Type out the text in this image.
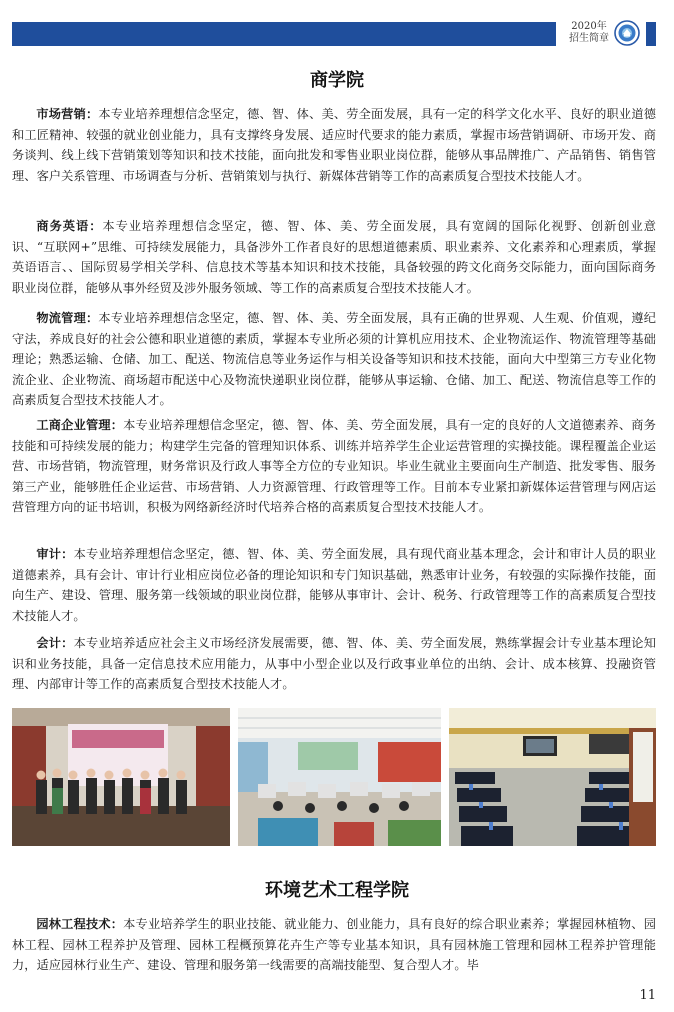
2020年
招生简章
商学院

市场营销：本专业培养理想信念坚定，德、智、体、美、劳全面发展，具有一定的科学文化水平、良好的职业道德和工匠精神、较强的就业创业能力，具有支撑终身发展、适应时代要求的能力素质，掌握市场营销调研、市场开发、商务谈判、线上线下营销策划等知识和技术技能，面向批发和零售业职业岗位群，能够从事品牌推广、产品销售、销售管理、客户关系管理、市场调查与分析、营销策划与执行、新媒体营销等工作的高素质复合型技术技能人才。

商务英语：本专业培养理想信念坚定，德、智、体、美、劳全面发展，具有宽阔的国际化视野、创新创业意识、“互联网+”思维、可持续发展能力，具备涉外工作者良好的思想道德素质、职业素养、文化素养和心理素质，掌握英语语言、、国际贸易学相关学科、信息技术等基本知识和技术技能，具备较强的跨文化商务交际能力，面向国际商务职业岗位群，能够从事外经贸及涉外服务领域、等工作的高素质复合型技术技能人才。

物流管理：本专业培养理想信念坚定，德、智、体、美、劳全面发展，具有正确的世界观、人生观、价值观，遵纪守法，养成良好的社会公德和职业道德的素质，掌握本专业所必须的计算机应用技术、企业物流运作、物流管理等基础理论；熟悉运输、仓储、加工、配送、物流信息等业务运作与相关设备等知识和技术技能，面向大中型第三方专业化物流企业、企业物流、商场超市配送中心及物流快递职业岗位群，能够从事运输、仓储、加工、配送、物流信息等工作的高素质复合型技术技能人才。

工商企业管理：本专业培养理想信念坚定，德、智、体、美、劳全面发展，具有一定的良好的人文道德素养、商务技能和可持续发展的能力；构建学生完备的管理知识体系、训练并培养学生企业运营管理的实操技能。课程覆盖企业运营、市场营销，物流管理，财务常识及行政人事等全方位的专业知识。毕业生就业主要面向生产制造、批发零售、服务第三产业，能够胜任企业运营、市场营销、人力资源管理、行政管理等工作。目前本专业紧扣新媒体运营管理与网店运营管理方向的证书培训，积极为网络新经济时代培养合格的高素质复合型技术技能人才。

审计：本专业培养理想信念坚定，德、智、体、美、劳全面发展，具有现代商业基本理念，会计和审计人员的职业道德素养，具有会计、审计行业相应岗位必备的理论知识和专门知识基础，熟悉审计业务，有较强的实际操作技能，面向生产、建设、管理、服务第一线领域的职业岗位群，能够从事审计、会计、税务、行政管理等工作的高素质复合型技术技能人才。

会计：本专业培养适应社会主义市场经济发展需要，德、智、体、美、劳全面发展，熟练掌握会计专业基本理论知识和业务技能，具备一定信息技术应用能力，从事中小型企业以及行政事业单位的出纳、会计、成本核算、投融资管理、内部审计等工作的高素质复合型技术技能人才。

环境艺术工程学院

园林工程技术：本专业培养学生的职业技能、就业能力、创业能力，具有良好的综合职业素养；掌握园林植物、园林工程、园林工程养护及管理、园林工程概预算花卉生产等专业基本知识，具有园林施工管理和园林工程养护管理能力，适应园林行业生产、建设、管理和服务第一线需要的高端技能型、复合型人才。毕

11
